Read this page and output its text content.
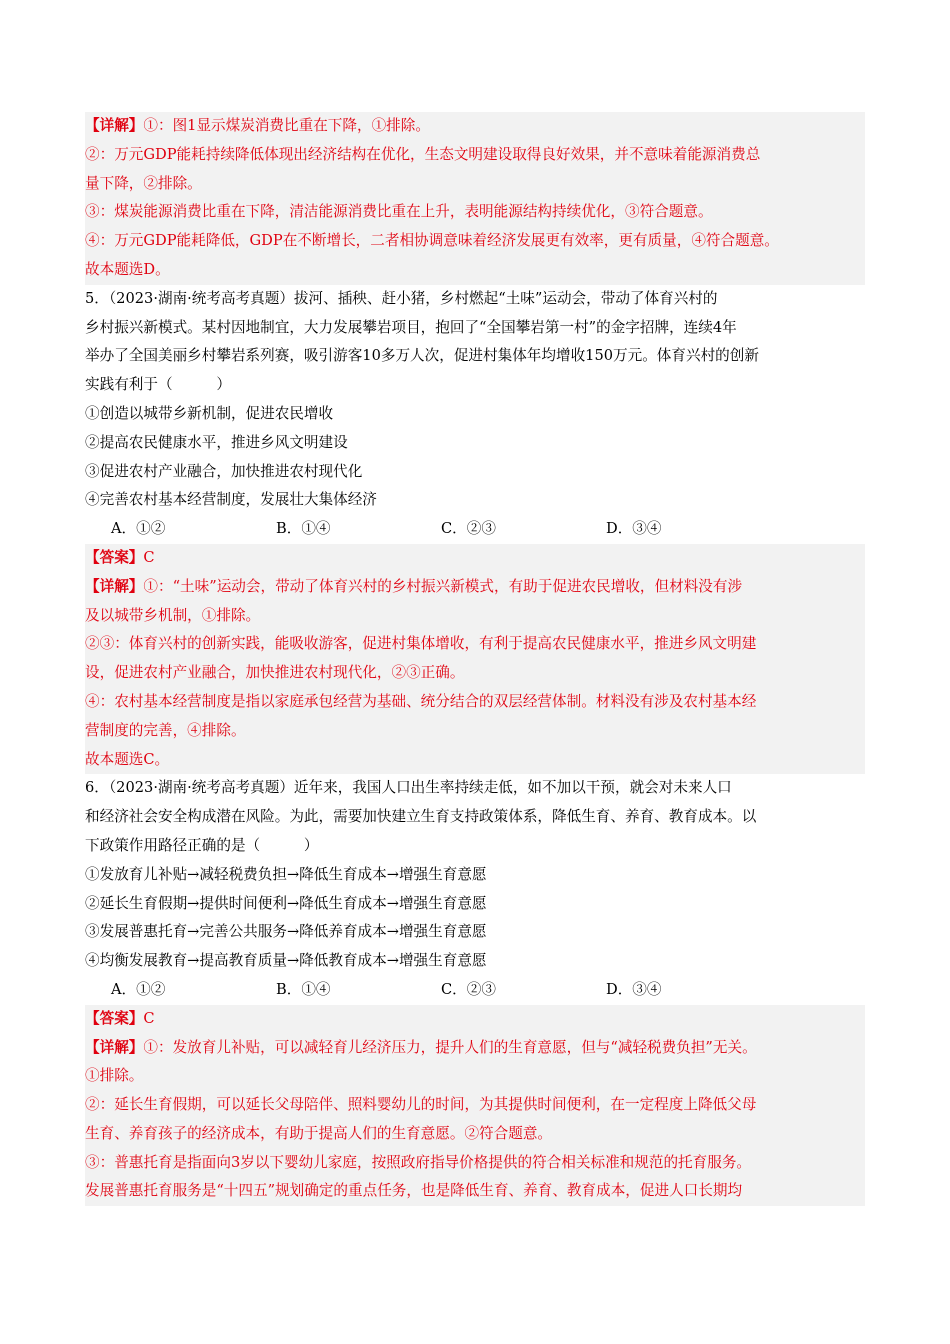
【详解】①：图1显示煤炭消费比重在下降，①排除。
②：万元GDP能耗持续降低体现出经济结构在优化，生态文明建设取得良好效果，并不意味着能源消费总
量下降，②排除。
③：煤炭能源消费比重在下降，清洁能源消费比重在上升，表明能源结构持续优化，③符合题意。
④：万元GDP能耗降低，GDP在不断增长，二者相协调意味着经济发展更有效率，更有质量，④符合题意。
故本题选D。
5．（2023·湖南·统考高考真题）拔河、插秧、赶小猪，乡村燃起“土味”运动会，带动了体育兴村的
乡村振兴新模式。某村因地制宜，大力发展攀岩项目，抱回了“全国攀岩第一村”的金字招牌，连续4年
举办了全国美丽乡村攀岩系列赛，吸引游客10多万人次，促进村集体年均增收150万元。体育兴村的创新
实践有利于（　　　）
①创造以城带乡新机制，促进农民增收
②提高农民健康水平，推进乡风文明建设
③促进农村产业融合，加快推进农村现代化
④完善农村基本经营制度，发展壮大集体经济
A．①②	B．①④	C．②③	D．③④
【答案】C
【详解】①：“土味”运动会，带动了体育兴村的乡村振兴新模式，有助于促进农民增收，但材料没有涉
及以城带乡机制，①排除。
②③：体育兴村的创新实践，能吸收游客，促进村集体增收，有利于提高农民健康水平，推进乡风文明建
设，促进农村产业融合，加快推进农村现代化，②③正确。
④：农村基本经营制度是指以家庭承包经营为基础、统分结合的双层经营体制。材料没有涉及农村基本经
营制度的完善，④排除。
故本题选C。
6．（2023·湖南·统考高考真题）近年来，我国人口出生率持续走低，如不加以干预，就会对未来人口
和经济社会安全构成潜在风险。为此，需要加快建立生育支持政策体系，降低生育、养育、教育成本。以
下政策作用路径正确的是（　　　）
①发放育儿补贴→减轻税费负担→降低生育成本→增强生育意愿
②延长生育假期→提供时间便利→降低生育成本→增强生育意愿
③发展普惠托育→完善公共服务→降低养育成本→增强生育意愿
④均衡发展教育→提高教育质量→降低教育成本→增强生育意愿
A．①②	B．①④	C．②③	D．③④
【答案】C
【详解】①：发放育儿补贴，可以减轻育儿经济压力，提升人们的生育意愿，但与“减轻税费负担”无关。
①排除。
②：延长生育假期，可以延长父母陪伴、照料婴幼儿的时间，为其提供时间便利，在一定程度上降低父母
生育、养育孩子的经济成本，有助于提高人们的生育意愿。②符合题意。
③：普惠托育是指面向3岁以下婴幼儿家庭，按照政府指导价格提供的符合相关标准和规范的托育服务。
发展普惠托育服务是“十四五”规划确定的重点任务，也是降低生育、养育、教育成本，促进人口长期均
